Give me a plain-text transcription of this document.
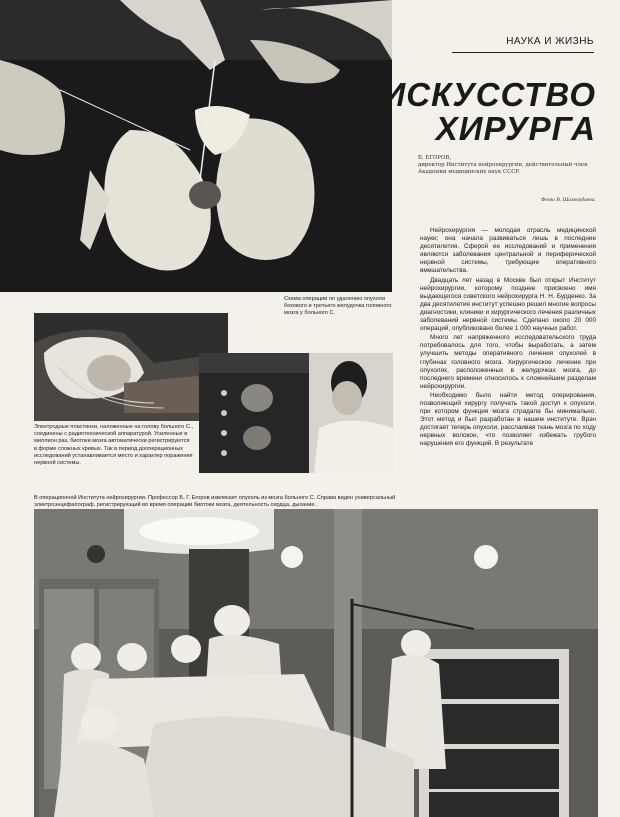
НАУКА И ЖИЗНЬ
ИСКУССТВО
ХИРУРГА
Б. ЕГОРОВ,
директор Института нейрохирургии, действительный член Академии медицинских наук СССР.
Фото В. Шахвердиева.
Схема операции по удалению опухоли бокового и третьего желудочка головного мозга у больного С.
Электродные пластинки, наложенные на голову больного С., соединены с радиотехнической аппаратурой. Усиленные в миллион раз, биотоки мозга автоматически регистрируются в форме сложных кривых. Так в период дооперационных исследований устанавливается место и характер поражения нервной системы.

Нейрохирургия — молодая отрасль медицинской науки; она начала развиваться лишь в последние десятилетия. Сферой ее исследований и применения являются заболевания центральной и периферической нервной системы, требующие оперативного вмешательства.

Двадцать лет назад в Москве был открыт Институт нейрохирургии, которому позднее присвоено имя выдающегося советского нейрохирурга Н. Н. Бурденко. За два десятилетия институт успешно решил многие вопросы диагностики, клиники и хирургического лечения различных заболеваний нервной системы. Сделано около 20 000 операций, опубликовано более 1 000 научных работ.

Много лет напряженного исследовательского труда потребовалось для того, чтобы выработать, а затем улучшить методы оперативного лечения опухолей в глубинах головного мозга. Хирургическое лечение при опухолях, расположенных в желудочках мозга, до последнего времени относилось к сложнейшим разделам нейрохирургии.

Необходимо было найти метод оперирования, позволяющий хирургу получать такой доступ к опухоли, при котором функция мозга страдала бы минимально. Этот метод и был разработан в нашем институте. Врач достигает теперь опухоли, расслаивая ткань мозга по ходу нервных волокон, что позволяет избежать грубого нарушения его функций. В результате

В операционной Института нейрохирургии. Профессор Б. Г. Егоров извлекает опухоль из мозга больного С. Справа виден универсальный электроэнцефалограф, регистрирующий во время операции биотоки мозга, деятельность сердца, дыхание.
